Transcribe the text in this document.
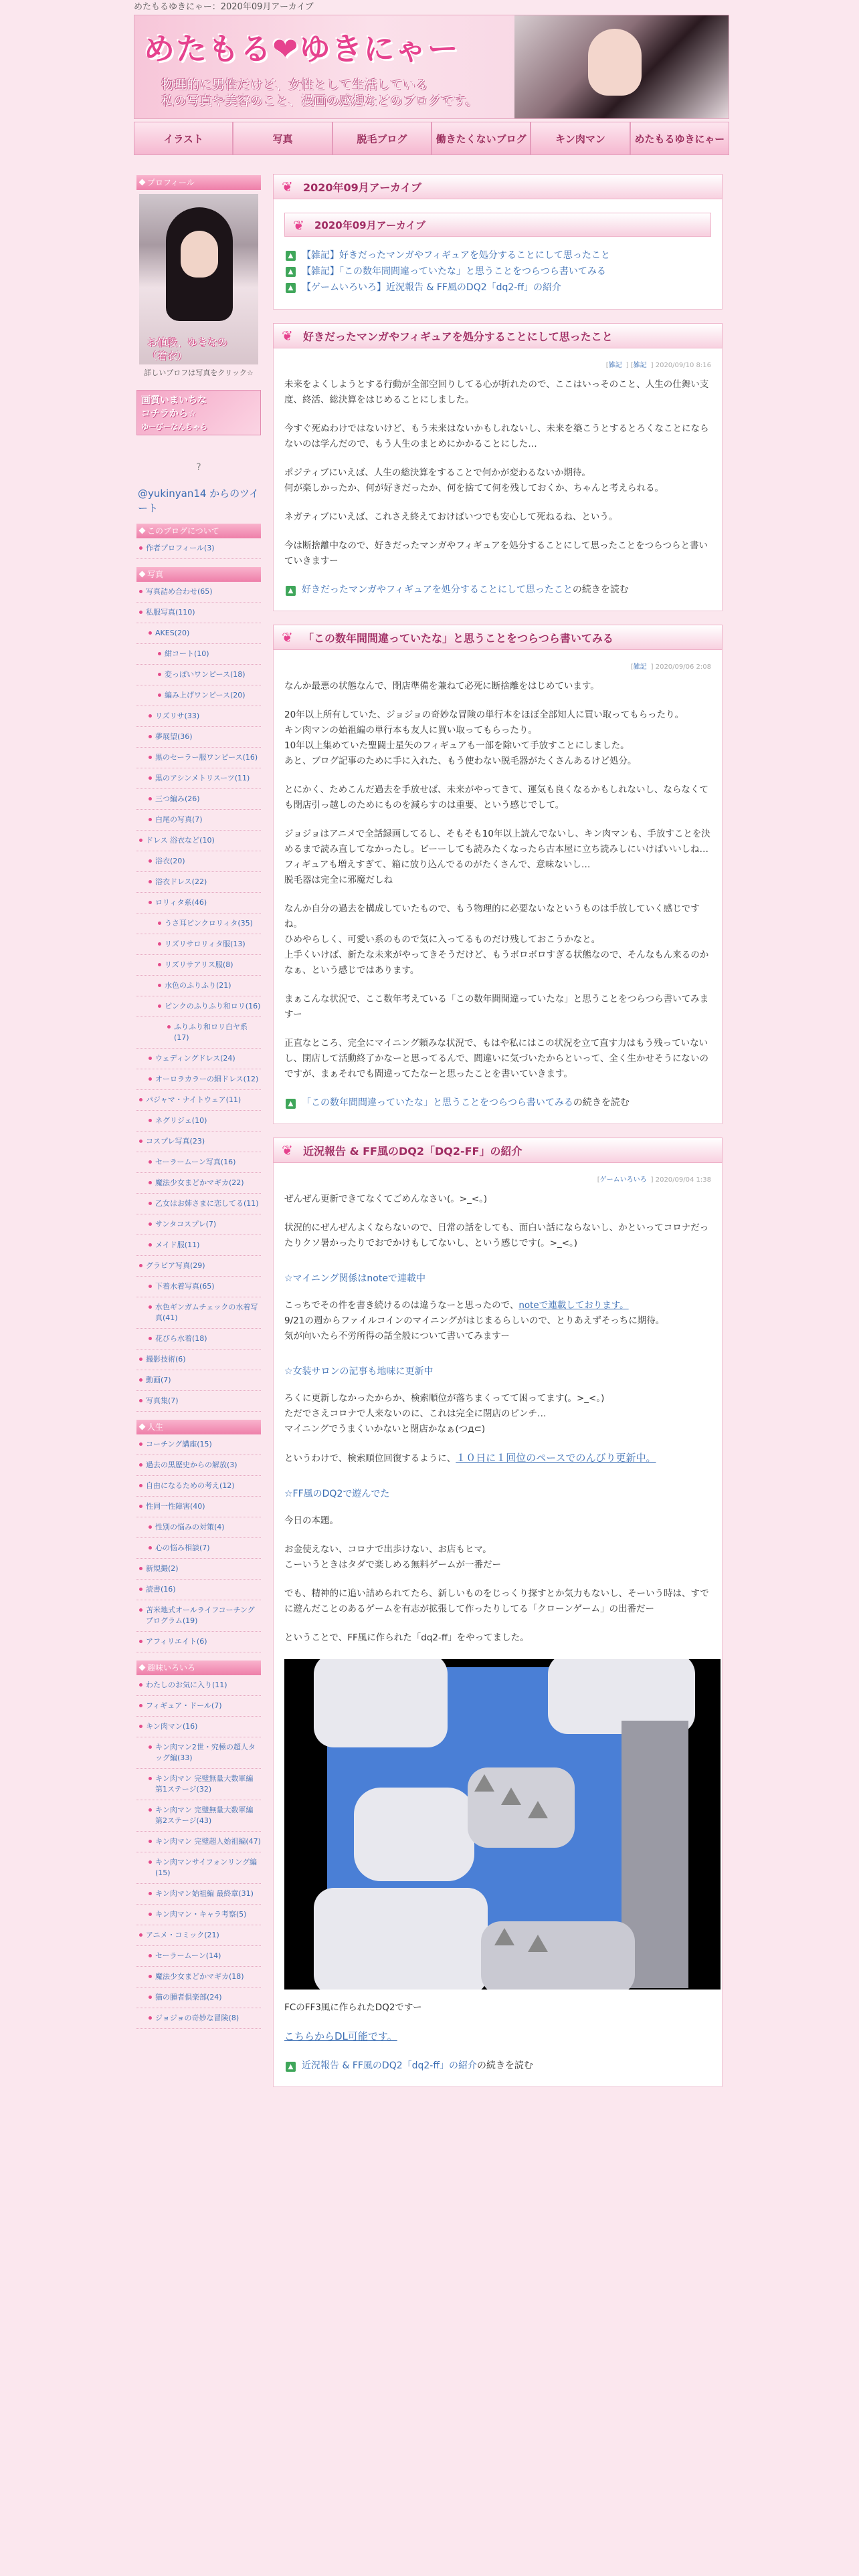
めたもるゆきにゃー：2020年09月アーカイブ
めたもる❤ゆきにゃー
物理的に男性だけど、女性として生活している
私の写真や美容のこと、漫画の感想などのブログです。
イラスト	写真	脱毛ブログ	働きたくないブログ	キン肉マン	めたもるゆきにゃー
プロフィール
お値段、ゆきなの
（着衣）
詳しいプロフは写真をクリック☆
画質いまいちな
コチラから☆
ゆーびーなんちゃら
?
@yukinyan14 からのツイート
このブログについて
作者プロフィール(3)
写真
写真詰め合わせ(65)
私服写真(110)
AKES(20)
紺コート(10)
変っぽいワンピース(18)
編み上げワンピース(20)
リズリサ(33)
夢展望(36)
黒のセーラー服ワンピース(16)
黒のアシンメトリスーツ(11)
三つ編み(26)
白尾の写真(7)
ドレス 浴衣など(10)
浴衣(20)
浴衣ドレス(22)
ロリィタ系(46)
うさ耳ピンクロリィタ(35)
リズリサロリィタ服(13)
リズリサアリス服(8)
水色のふりふり(21)
ピンクのふりふり和ロリ(16)
ふりふり和ロリ白ヤ系(17)
ウェディングドレス(24)
オーロラカラーの細ドレス(12)
パジャマ・ナイトウェア(11)
ネグリジェ(10)
コスプレ写真(23)
セーラームーン写真(16)
魔法少女まどかマギカ(22)
乙女はお姉さまに恋してる(11)
サンタコスプレ(7)
メイド服(11)
グラビア写真(29)
下着水着写真(65)
水色ギンガムチェックの水着写真(41)
花びら水着(18)
撮影技術(6)
動画(7)
写真集(7)
人生
コーチング講座(15)
過去の黒歴史からの解放(3)
自由になるための考え(12)
性同一性障害(40)
性別の悩みの対策(4)
心の悩み相談(7)
新規撮(2)
読書(16)
苫米地式オールライフコーチングプログラム(19)
アフィリエイト(6)
趣味いろいろ
わたしのお気に入り(11)
フィギュア・ドール(7)
キン肉マン(16)
キン肉マン2世・究極の超人タッグ編(33)
キン肉マン 完璧無量大数軍編 第1ステージ(32)
キン肉マン 完璧無量大数軍編 第2ステージ(43)
キン肉マン 完璧超人始祖編(47)
キン肉マンサイフォンリング編(15)
キン肉マン始祖編 最終章(31)
キン肉マン・キャラ考察(5)
アニメ・コミック(21)
セーラームーン(14)
魔法少女まどかマギカ(18)
猫の腫者倶楽部(24)
ジョジョの奇妙な冒険(8)
❦ 2020年09月アーカイブ
❦	2020年09月アーカイブ
▲ 【雑記】好きだったマンガやフィギュアを処分することにして思ったこと
▲ 【雑記】「この数年間間違っていたな」と思うことをつらつら書いてみる
▲ 【ゲームいろいろ】近況報告 & FF風のDQ2「dq2-ff」の紹介
❦ 好きだったマンガやフィギュアを処分することにして思ったこと
[雑記 ] [雑記 ] 2020/09/10 8:16

未来をよくしようとする行動が全部空回りしてる心が折れたので、ここはいっそのこと、人生の仕舞い支度、終活、総決算をはじめることにしました。

今すぐ死ぬわけではないけど、もう未来はないかもしれないし、未来を築こうとするとろくなことにならないのは学んだので、もう人生のまとめにかかることにした…

ポジティブにいえば、人生の総決算をすることで何かが変わるないか期待。
何が楽しかったか、何が好きだったか、何を捨てて何を残しておくか、ちゃんと考えられる。

ネガティブにいえば、これさえ終えておけばいつでも安心して死ねるね、という。

今は断捨離中なので、好きだったマンガやフィギュアを処分することにして思ったことをつらつらと書いていきますー

▲ 好きだったマンガやフィギュアを処分することにして思ったことの続きを読む
❦ 「この数年間間違っていたな」と思うことをつらつら書いてみる
[雑記 ] 2020/09/06 2:08

なんか最悪の状態なんで、閉店準備を兼ねて必死に断捨離をはじめています。

20年以上所有していた、ジョジョの奇妙な冒険の単行本をほぼ全部知人に買い取ってもらったり。
キン肉マンの始祖編の単行本も友人に買い取ってもらったり。
10年以上集めていた聖闘士星矢のフィギュアも一部を除いて手放すことにしました。
あと、ブログ記事のために手に入れた、もう使わない脱毛器がたくさんあるけど処分。

とにかく、ためこんだ過去を手放せば、未来がやってきて、運気も良くなるかもしれないし、ならなくても閉店引っ越しのためにものを減らすのは重要、という感じでして。

ジョジョはアニメで全話録画してるし、そもそも10年以上読んでないし、キン肉マンも、手放すことを決めるまで読み直してなかったし。ビーーしても読みたくなったら古本屋に立ち読みしにいけばいいしね…
フィギュアも増えすぎて、箱に放り込んでるのがたくさんで、意味ないし…
脱毛器は完全に邪魔だしね

なんか自分の過去を構成していたもので、もう物理的に必要ないなというものは手放していく感じですね。
ひめやらしく、可愛い系のもので気に入ってるものだけ残しておこうかなと。
上手くいけば、新たな未来がやってきそうだけど、もうボロボロすぎる状態なので、そんなもん来るのかなぁ、という感じではあります。

まぁこんな状況で、ここ数年考えている「この数年間間違っていたな」と思うことをつらつら書いてみますー

正直なところ、完全にマイニング頼みな状況で、もはや私にはこの状況を立て直す力はもう残っていないし、閉店して活動終了かなーと思ってるんで、間違いに気づいたからといって、全く生かせそうにないのですが、まぁそれでも間違ってたなーと思ったことを書いていきます。

▲ 「この数年間間違っていたな」と思うことをつらつら書いてみるの続きを読む
❦ 近況報告 & FF風のDQ2「DQ2-FF」の紹介
[ゲームいろいろ ] 2020/09/04 1:38

ぜんぜん更新できてなくてごめんなさい(。>_<。)

状況的にぜんぜんよくならないので、日常の話をしても、面白い話にならないし、かといってコロナだったりクソ暑かったりでおでかけもしてないし、という感じです(。>_<。)

☆マイニング関係はnoteで連載中

こっちでその件を書き続けるのは違うなーと思ったので、noteで連載しております。
9/21の週からファイルコインのマイニングがはじまるらしいので、とりあえずそっちに期待。
気が向いたら不労所得の話全般について書いてみますー

☆女装サロンの記事も地味に更新中

ろくに更新しなかったからか、検索順位が落ちまくってて困ってます(。>_<。)
ただでさえコロナで人来ないのに、これは完全に閉店のピンチ…
マイニングでうまくいかないと閉店かなぁ(つд⊂)

というわけで、検索順位回復するように、１０日に１回位のペースでのんびり更新中。

☆FF風のDQ2で遊んでた

今日の本題。

お金使えない、コロナで出歩けない、お店もヒマ。
こーいうときはタダで楽しめる無料ゲームが一番だー

でも、精神的に追い詰められてたら、新しいものをじっくり探すとか気力もないし、そーいう時は、すでに遊んだことのあるゲームを有志が拡張して作ったりしてる「クローンゲーム」の出番だー

ということで、FF風に作られた「dq2-ff」をやってました。

FCのFF3風に作られたDQ2ですー

こちらからDL可能です。

▲ 近況報告 & FF風のDQ2「dq2-ff」の紹介の続きを読む
